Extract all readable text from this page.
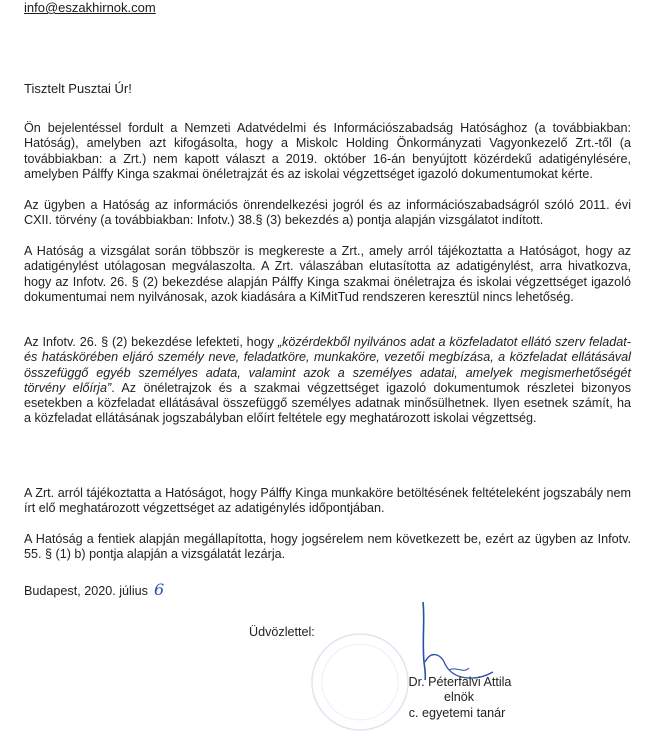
info@eszakhirnok.com
Tisztelt Pusztai Úr!

Ön bejelentéssel fordult a Nemzeti Adatvédelmi és Információszabadság Hatósághoz (a továbbiakban: Hatóság), amelyben azt kifogásolta, hogy a Miskolc Holding Önkormányzati Vagyonkezelő Zrt.-től (a továbbiakban: a Zrt.) nem kapott választ a 2019. október 16-án benyújtott közérdekű adatigénylésére, amelyben Pálffy Kinga szakmai önéletrajzát és az iskolai végzettséget igazoló dokumentumokat kérte.

Az ügyben a Hatóság az információs önrendelkezési jogról és az információszabadságról szóló 2011. évi CXII. törvény (a továbbiakban: Infotv.) 38.§ (3) bekezdés a) pontja alapján vizsgálatot indított.

A Hatóság a vizsgálat során többször is megkereste a Zrt., amely arról tájékoztatta a Hatóságot, hogy az adatigénylést utólagosan megválaszolta. A Zrt. válaszában elutasította az adatigénylést, arra hivatkozva, hogy az Infotv. 26. § (2) bekezdése alapján Pálffy Kinga szakmai önéletrajza és iskolai végzettséget igazoló dokumentumai nem nyilvánosak, azok kiadására a KiMitTud rendszeren keresztül nincs lehetőség.

Az Infotv. 26. § (2) bekezdése lefekteti, hogy „közérdekből nyilvános adat a közfeladatot ellátó szerv feladat- és hatáskörében eljáró személy neve, feladatköre, munkaköre, vezetői megbízása, a közfeladat ellátásával összefüggő egyéb személyes adata, valamint azok a személyes adatai, amelyek megismerhetőségét törvény előírja”. Az önéletrajzok és a szakmai végzettséget igazoló dokumentumok részletei bizonyos esetekben a közfeladat ellátásával összefüggő személyes adatnak minősülhetnek. Ilyen esetnek számít, ha a közfeladat ellátásának jogszabályban előírt feltétele egy meghatározott iskolai végzettség.

A Zrt. arról tájékoztatta a Hatóságot, hogy Pálffy Kinga munkaköre betöltésének feltételeként jogszabály nem írt elő meghatározott végzettséget az adatigénylés időpontjában.

A Hatóság a fentiek alapján megállapította, hogy jogsérelem nem következett be, ezért az ügyben az Infotv. 55. § (1) b) pontja alapján a vizsgálatát lezárja.

Budapest, 2020. július 6
Üdvözlettel:
Dr. Péterfalvi Attila
elnök
c. egyetemi tanár
